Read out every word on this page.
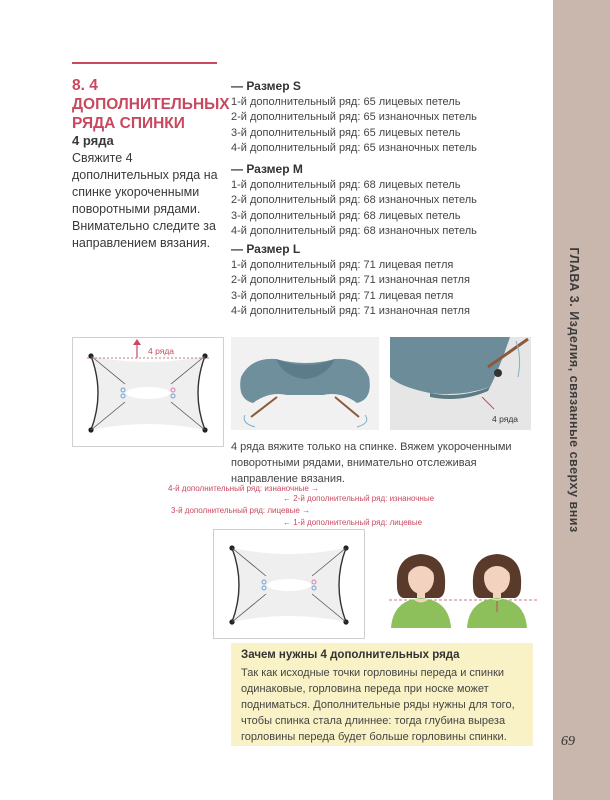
ГЛАВА 3. Изделия, связанные сверху вниз
69
8. 4 ДОПОЛНИТЕЛЬНЫХ РЯДА СПИНКИ
4 ряда
Свяжите 4 дополнительных ряда на спинке укороченными поворотными рядами. Внимательно следите за направлением вязания.
— Размер S
1-й дополнительный ряд: 65 лицевых петель
2-й дополнительный ряд: 65 изнаночных петель
3-й дополнительный ряд: 65 лицевых петель
4-й дополнительный ряд: 65 изнаночных петель
— Размер M
1-й дополнительный ряд: 68 лицевых петель
2-й дополнительный ряд: 68 изнаночных петель
3-й дополнительный ряд: 68 лицевых петель
4-й дополнительный ряд: 68 изнаночных петель
— Размер L
1-й дополнительный ряд: 71 лицевая петля
2-й дополнительный ряд: 71 изнаночная петля
3-й дополнительный ряд: 71 лицевая петля
4-й дополнительный ряд: 71 изнаночная петля
4 ряда
4 ряда
4 ряда вяжите только на спинке. Вяжем укороченными поворотными рядами, внимательно отслеживая направление вязания.
4-й дополнительный ряд: изнаночные →
← 2-й дополнительный ряд: изнаночные
3-й дополнительный ряд: лицевые →
← 1-й дополнительный ряд: лицевые
Зачем нужны 4 дополнительных ряда
Так как исходные точки горловины переда и спинки одинаковые, горловина переда при носке может подниматься. Дополнительные ряды нужны для того, чтобы спинка стала длиннее: тогда глубина выреза горловины переда будет больше горловины спинки.
